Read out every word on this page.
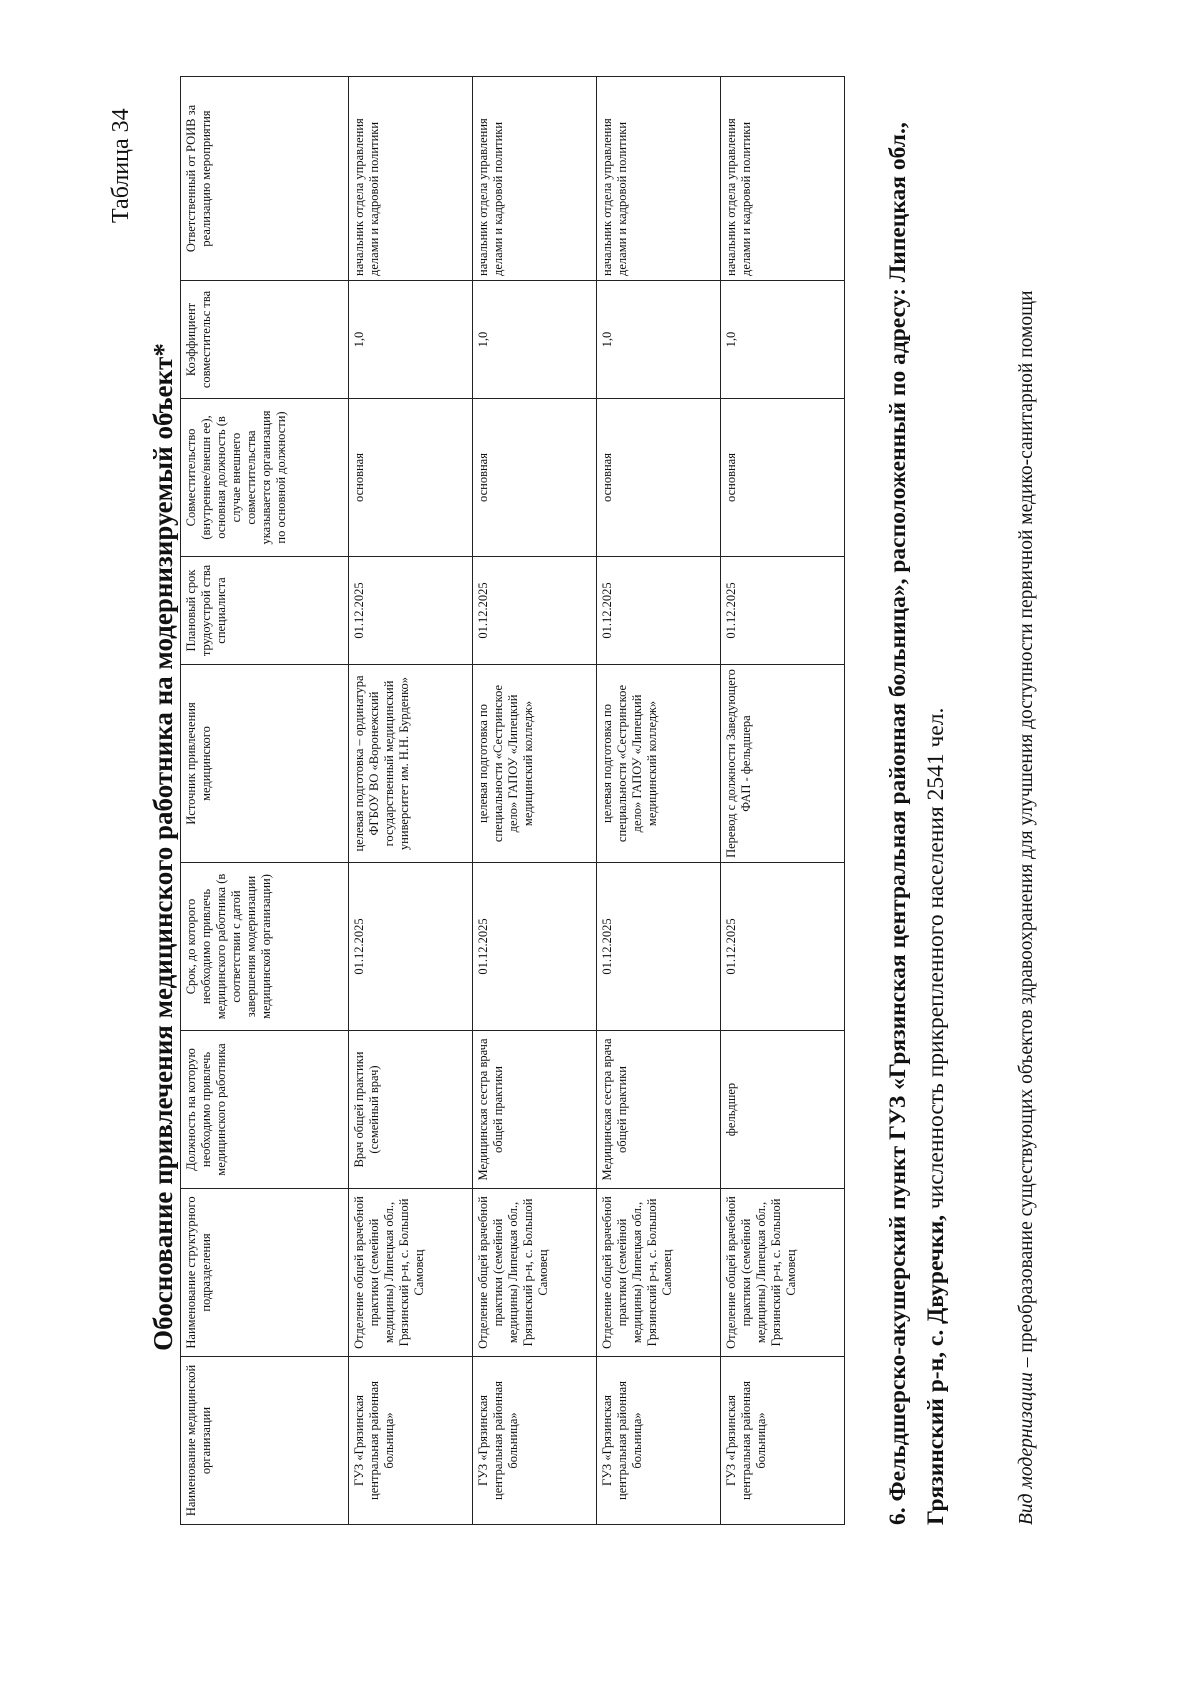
Таблица 34
Обоснование привлечения медицинского работника на модернизируемый объект*
Наименование медицинской организации	Наименование структурного подразделения	Должность на которую необходимо привлечь медицинского работника	Срок, до которого необходимо привлечь медицинского работника (в соответствии с датой завершения модернизации медицинской организации)	Источник привлечения медицинского	Плановый срок трудоустрой ства специалиста	Совместительство (внутреннее/внешн ее), основная должность (в случае внешнего совместительства указывается организация по основной должности)	Коэффициент совместительс тва	Ответственный от РОИВ за реализацию мероприятия
ГУЗ «Грязинская центральная районная больница»	Отделение общей врачебной практики (семейной медицины) Липецкая обл., Грязинский р-н, с. Большой Самовец	Врач общей практики (семейный врач)	01.12.2025	целевая подготовка – ординатура ФГБОУ ВО «Воронежский государственный медицинский университет им. Н.Н. Бурденко»	01.12.2025	основная	1,0	начальник отдела управления делами и кадровой политики
ГУЗ «Грязинская центральная районная больница»	Отделение общей врачебной практики (семейной медицины) Липецкая обл., Грязинский р-н, с. Большой Самовец	Медицинская сестра врача общей практики	01.12.2025	целевая подготовка по специальности «Сестринское дело» ГАПОУ «Липецкий медицинский колледж»	01.12.2025	основная	1,0	начальник отдела управления делами и кадровой политики
ГУЗ «Грязинская центральная районная больница»	Отделение общей врачебной практики (семейной медицины) Липецкая обл., Грязинский р-н, с. Большой Самовец	Медицинская сестра врача общей практики	01.12.2025	целевая подготовка по специальности «Сестринское дело» ГАПОУ «Липецкий медицинский колледж»	01.12.2025	основная	1,0	начальник отдела управления делами и кадровой политики
ГУЗ «Грязинская центральная районная больница»	Отделение общей врачебной практики (семейной медицины) Липецкая обл., Грязинский р-н, с. Большой Самовец	фельдшер	01.12.2025	Перевод с должности Заведующего ФАП - фельдшера	01.12.2025	основная	1,0	начальник отдела управления делами и кадровой политики	6. Фельдшерско-акушерский пункт ГУЗ «Грязинская центральная районная больница», расположенный по адресу: Липецкая обл., Грязинский р-н, с. Двуречки, численность прикрепленного населения 2541 чел.
Вид модернизации – преобразование существующих объектов здравоохранения для улучшения доступности первичной медико-санитарной помощи
